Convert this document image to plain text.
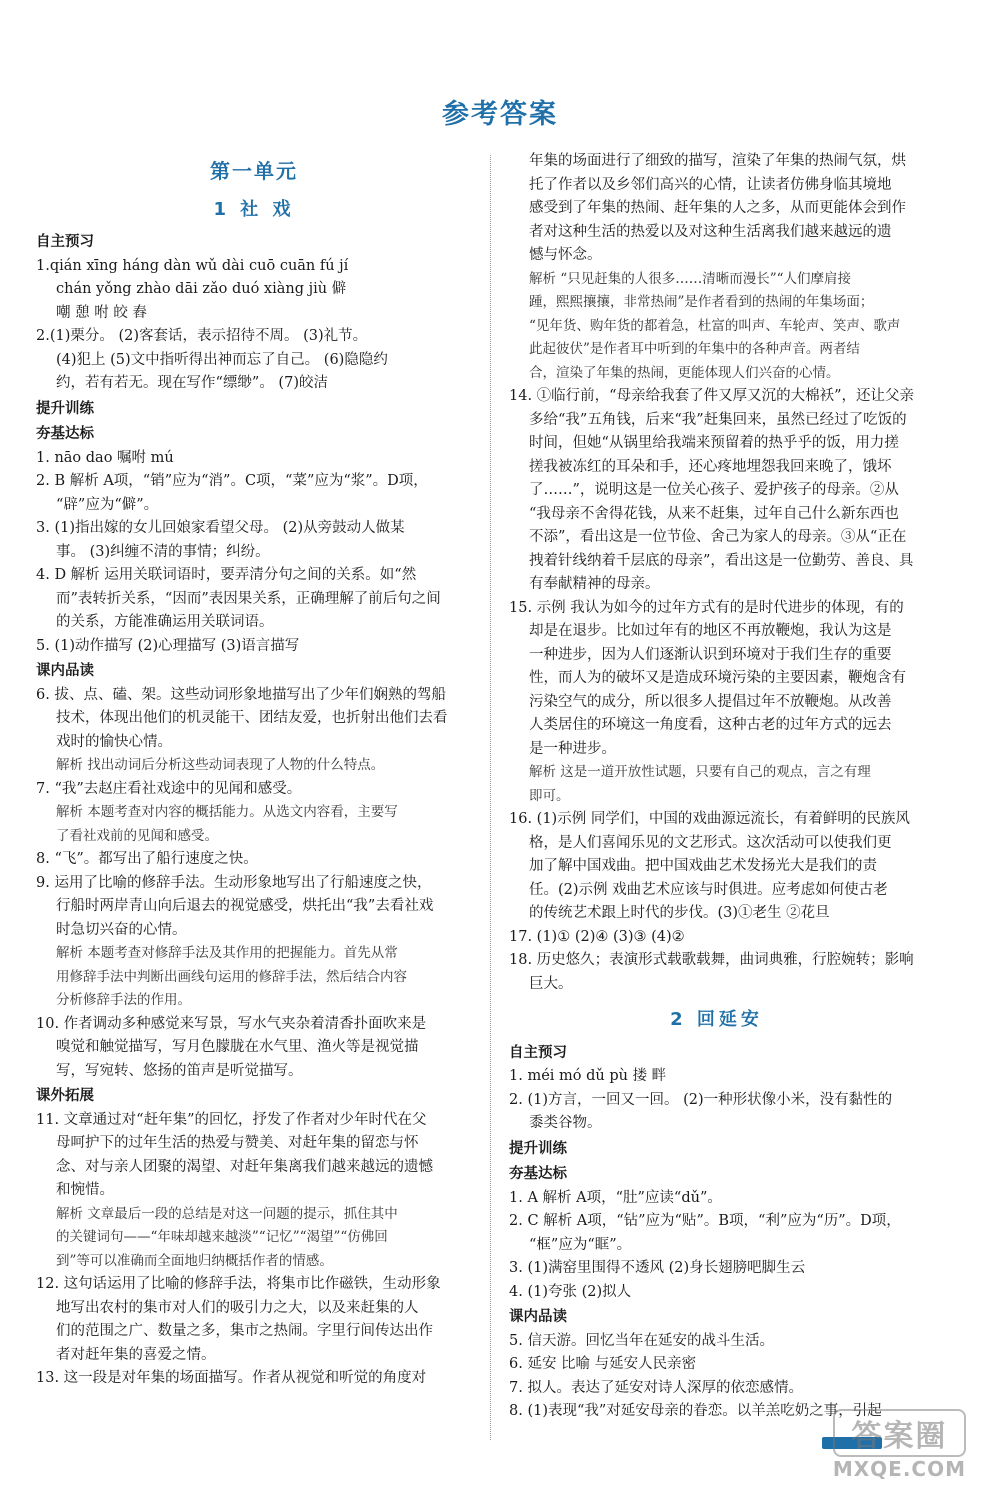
参考答案
第一单元
1 社 戏
自主预习
1.qián xīng háng dàn wǔ dài cuō cuān fú jí
chán yǒng zhào dāi zǎo duó xiàng jiù 僻
嘲 憩 咐 皎 舂
2.(1)栗分。 (2)客套话，表示招待不周。 (3)礼节。
(4)犯上 (5)文中指听得出神而忘了自己。 (6)隐隐约
约，若有若无。现在写作“缥缈”。 (7)皎洁
提升训练
夯基达标
1. nāo dao 嘱咐 mú
2. B 解析 A项，“销”应为“消”。C项，“菜”应为“浆”。D项，
“辟”应为“僻”。
3. (1)指出嫁的女儿回娘家看望父母。 (2)从旁鼓动人做某
事。 (3)纠缠不清的事情；纠纷。
4. D 解析 运用关联词语时，要弄清分句之间的关系。如“然
而”表转折关系，“因而”表因果关系，正确理解了前后句之间
的关系，方能准确运用关联词语。
5. (1)动作描写 (2)心理描写 (3)语言描写
课内品读
6. 拔、点、磕、架。这些动词形象地描写出了少年们娴熟的驾船
技术，体现出他们的机灵能干、团结友爱，也折射出他们去看
戏时的愉快心情。
解析 找出动词后分析这些动词表现了人物的什么特点。
7. “我”去赵庄看社戏途中的见闻和感受。
解析 本题考查对内容的概括能力。从选文内容看，主要写
了看社戏前的见闻和感受。
8. “飞”。都写出了船行速度之快。
9. 运用了比喻的修辞手法。生动形象地写出了行船速度之快，
行船时两岸青山向后退去的视觉感受，烘托出“我”去看社戏
时急切兴奋的心情。
解析 本题考查对修辞手法及其作用的把握能力。首先从常
用修辞手法中判断出画线句运用的修辞手法，然后结合内容
分析修辞手法的作用。
10. 作者调动多种感觉来写景，写水气夹杂着清香扑面吹来是
嗅觉和触觉描写，写月色朦胧在水气里、渔火等是视觉描
写，写宛转、悠扬的笛声是听觉描写。
课外拓展
11. 文章通过对“赶年集”的回忆，抒发了作者对少年时代在父
母呵护下的过年生活的热爱与赞美、对赶年集的留恋与怀
念、对与亲人团聚的渴望、对赶年集离我们越来越远的遗憾
和惋惜。
解析 文章最后一段的总结是对这一问题的提示，抓住其中
的关键词句——“年味却越来越淡”“记忆”“渴望”“仿佛回
到”等可以准确而全面地归纳概括作者的情感。
12. 这句话运用了比喻的修辞手法，将集市比作磁铁，生动形象
地写出农村的集市对人们的吸引力之大，以及来赶集的人
们的范围之广、数量之多，集市之热闹。字里行间传达出作
者对赶年集的喜爱之情。
13. 这一段是对年集的场面描写。作者从视觉和听觉的角度对
年集的场面进行了细致的描写，渲染了年集的热闹气氛，烘
托了作者以及乡邻们高兴的心情，让读者仿佛身临其境地
感受到了年集的热闹、赶年集的人之多，从而更能体会到作
者对这种生活的热爱以及对这种生活离我们越来越远的遗
憾与怀念。
解析 “只见赶集的人很多……清晰而漫长”“人们摩肩接
踵，熙熙攘攘，非常热闹”是作者看到的热闹的年集场面；
“见年货、购年货的都着急，杜富的叫声、车轮声、笑声、歌声
此起彼伏”是作者耳中听到的年集中的各种声音。两者结
合，渲染了年集的热闹，更能体现人们兴奋的心情。
14. ①临行前，“母亲给我套了件又厚又沉的大棉袄”，还让父亲
多给“我”五角钱，后来“我”赶集回来，虽然已经过了吃饭的
时间，但她“从锅里给我端来预留着的热乎乎的饭，用力搓
搓我被冻红的耳朵和手，还心疼地埋怨我回来晚了，饿坏
了……”，说明这是一位关心孩子、爱护孩子的母亲。②从
“我母亲不舍得花钱，从来不赶集，过年自己什么新东西也
不添”，看出这是一位节俭、舍己为家人的母亲。③从“正在
拽着针线纳着千层底的母亲”，看出这是一位勤劳、善良、具
有奉献精神的母亲。
15. 示例 我认为如今的过年方式有的是时代进步的体现，有的
却是在退步。比如过年有的地区不再放鞭炮，我认为这是
一种进步，因为人们逐渐认识到环境对于我们生存的重要
性，而人为的破坏又是造成环境污染的主要因素，鞭炮含有
污染空气的成分，所以很多人提倡过年不放鞭炮。从改善
人类居住的环境这一角度看，这种古老的过年方式的远去
是一种进步。
解析 这是一道开放性试题，只要有自己的观点，言之有理
即可。
16. (1)示例 同学们，中国的戏曲源远流长，有着鲜明的民族风
格，是人们喜闻乐见的文艺形式。这次活动可以使我们更
加了解中国戏曲。把中国戏曲艺术发扬光大是我们的责
任。(2)示例 戏曲艺术应该与时俱进。应考虑如何使古老
的传统艺术跟上时代的步伐。(3)①老生 ②花旦
17. (1)① (2)④ (3)③ (4)②
18. 历史悠久；表演形式载歌载舞，曲词典雅，行腔婉转；影响巨大。
2 回延安
自主预习
1. méi mó dǔ pù 搂 畔
2. (1)方言，一回又一回。 (2)一种形状像小米，没有黏性的
黍类谷物。
提升训练
夯基达标
1. A 解析 A项，“肚”应读“dǔ”。
2. C 解析 A项，“钻”应为“贴”。B项，“利”应为“历”。D项，
“框”应为“眶”。
3. (1)满窑里围得不透风 (2)身长翅膀吧脚生云
4. (1)夸张 (2)拟人
课内品读
5. 信天游。回忆当年在延安的战斗生活。
6. 延安 比喻 与延安人民亲密
7. 拟人。表达了延安对诗人深厚的依恋感情。
8. (1)表现“我”对延安母亲的眷恋。以羊羔吃奶之事，引起
答案圈
MXQE.COM
